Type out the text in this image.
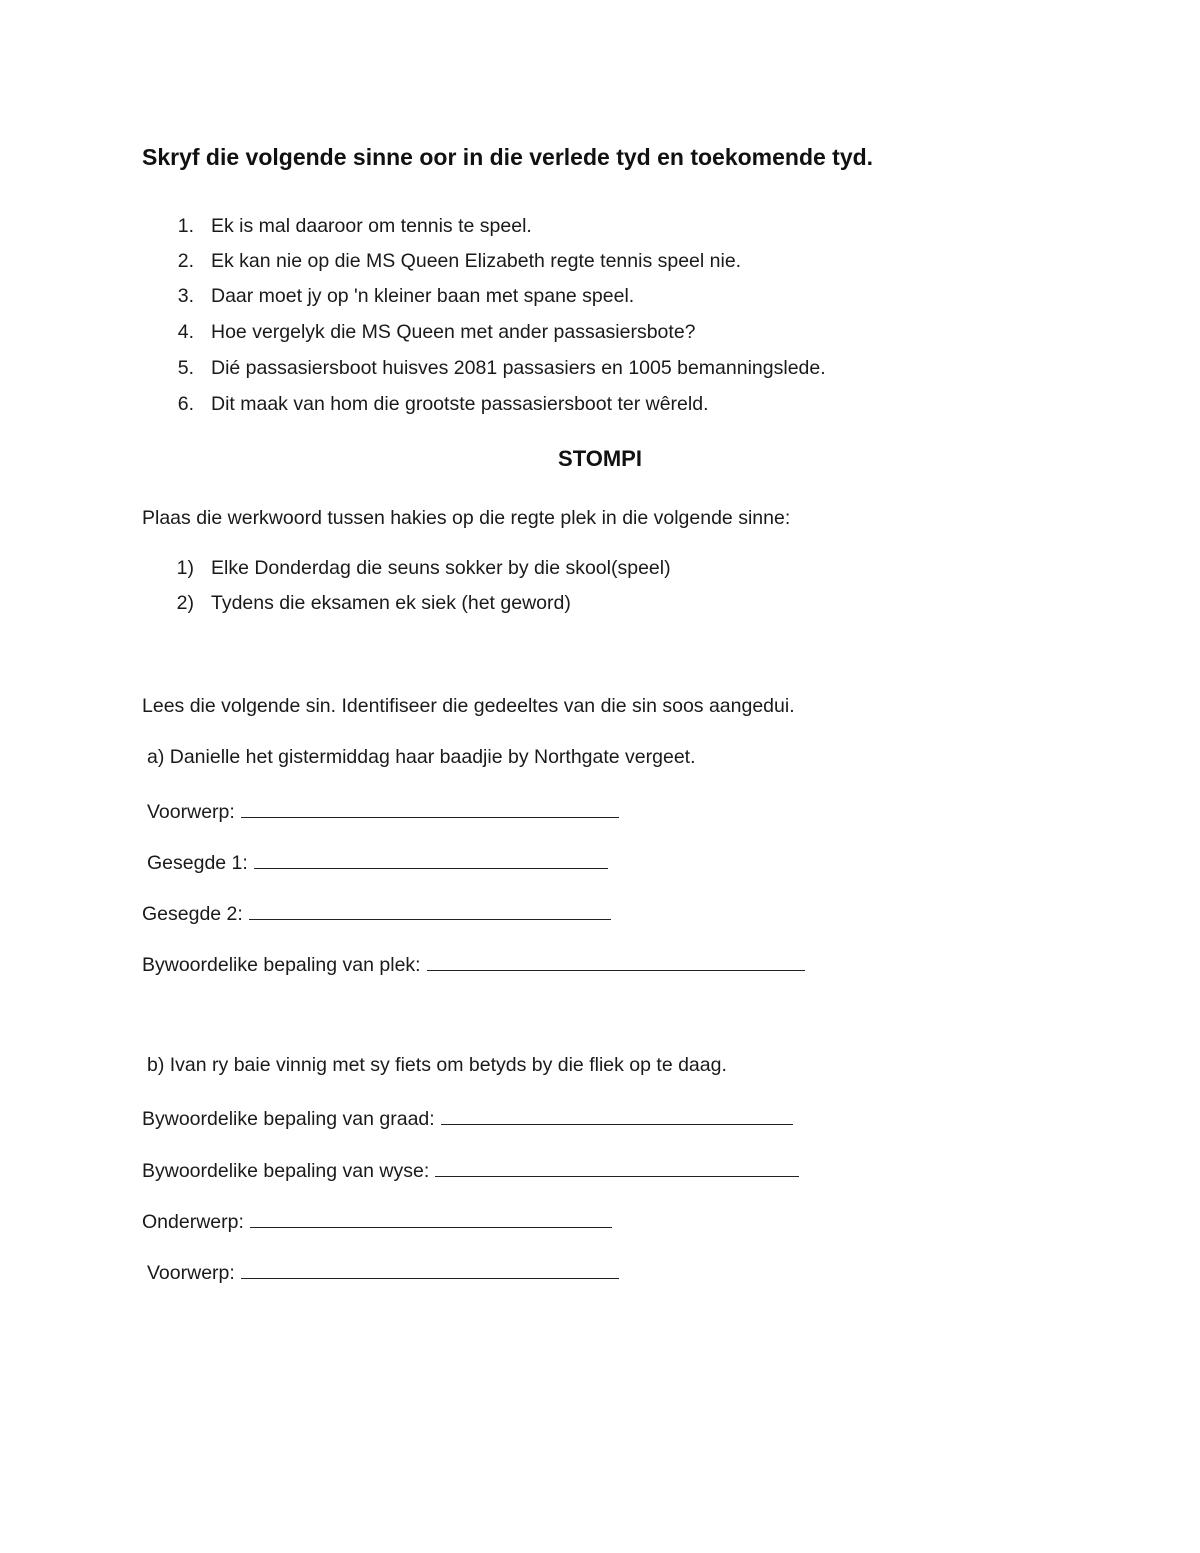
Skryf die volgende sinne oor in die verlede tyd en toekomende tyd.
1. Ek is mal daaroor om tennis te speel.
2. Ek kan nie op die MS Queen Elizabeth regte tennis speel nie.
3. Daar moet jy op 'n kleiner baan met spane speel.
4. Hoe vergelyk die MS Queen met ander passasiersbote?
5. Dié passasiersboot huisves 2081 passasiers en 1005 bemanningslede.
6. Dit maak van hom die grootste passasiersboot ter wêreld.
STOMPI
Plaas die werkwoord tussen hakies op die regte plek in die volgende sinne:
1) Elke Donderdag die seuns sokker by die skool(speel)
2) Tydens die eksamen ek siek (het geword)
Lees die volgende sin. Identifiseer die gedeeltes van die sin soos aangedui.
a) Danielle het gistermiddag haar baadjie by Northgate vergeet.
Voorwerp:
Gesegde 1:
Gesegde 2:
Bywoordelike bepaling van plek:
b) Ivan ry baie vinnig met sy fiets om betyds by die fliek op te daag.
Bywoordelike bepaling van graad:
Bywoordelike bepaling van wyse:
Onderwerp:
Voorwerp:
